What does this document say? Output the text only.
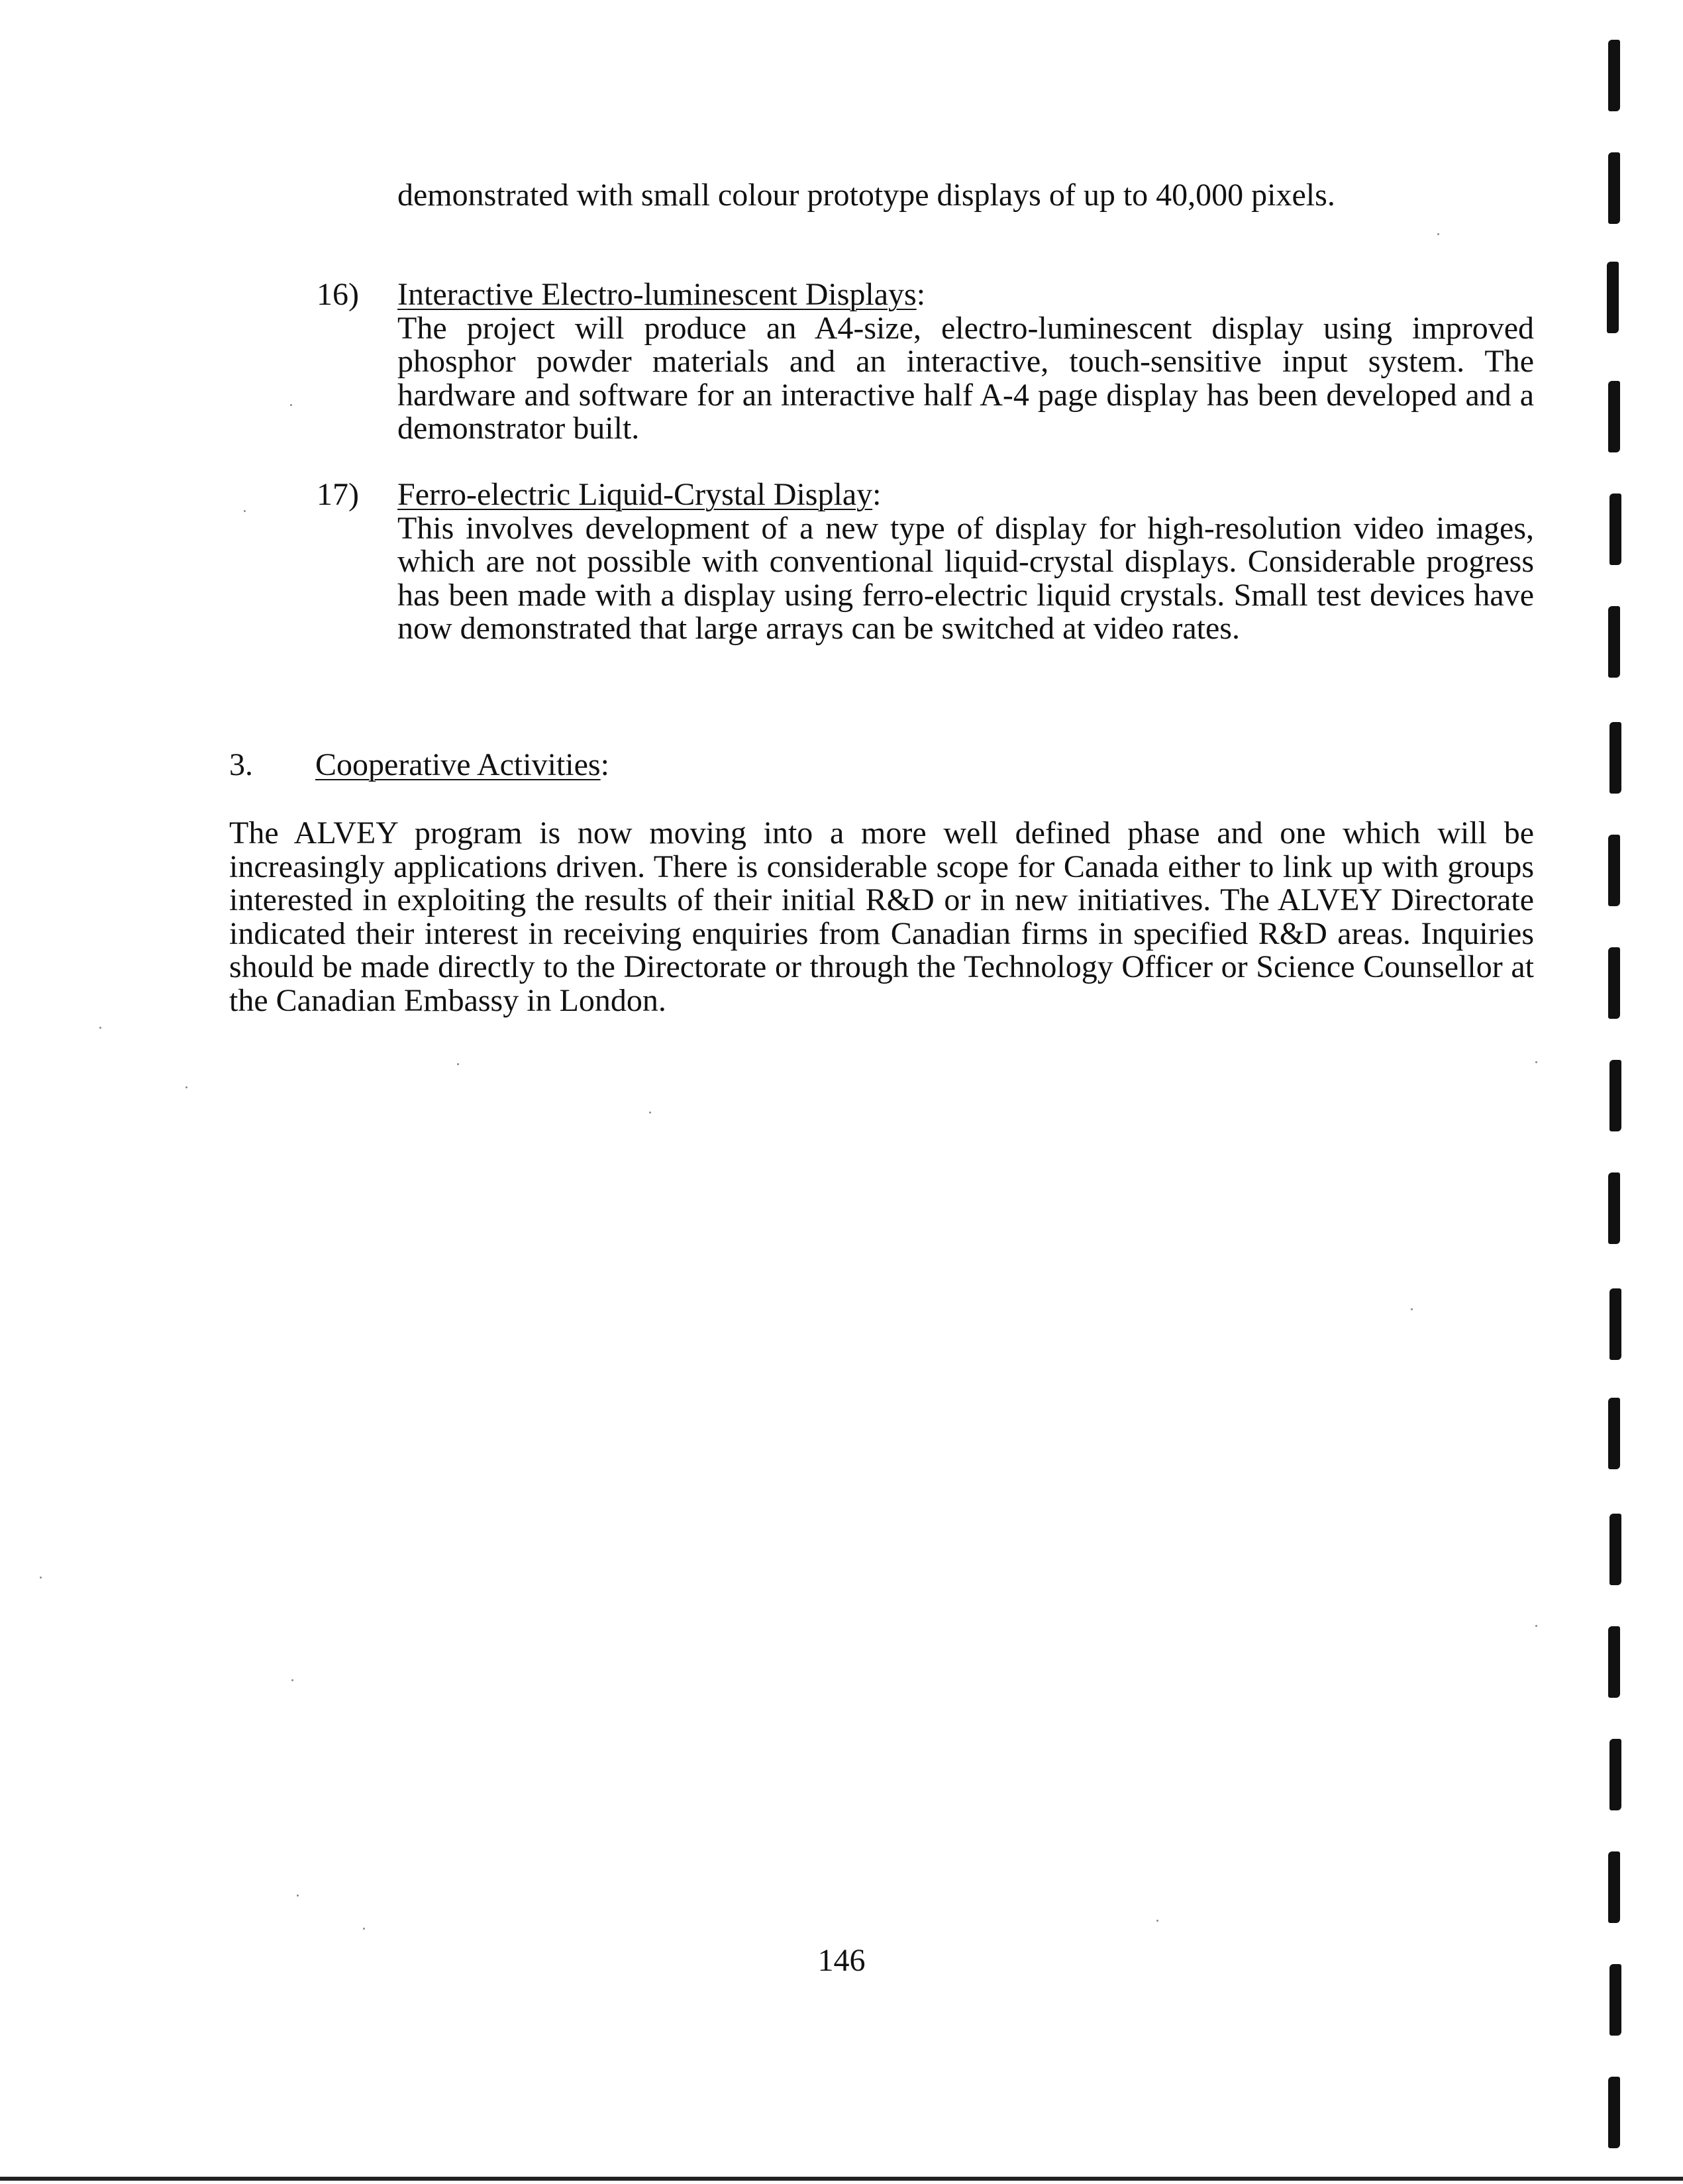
demonstrated with small colour prototype displays of up to 40,000 pixels.

16) Interactive Electro-luminescent Displays:
The project will produce an A4-size, electro-luminescent display using improved phosphor powder materials and an interactive, touch-sensitive input system. The hardware and software for an interactive half A-4 page display has been developed and a demonstrator built.
17) Ferro-electric Liquid-Crystal Display:
This involves development of a new type of display for high-resolution video images, which are not possible with conventional liquid-crystal displays. Considerable progress has been made with a display using ferro-electric liquid crystals. Small test devices have now demonstrated that large arrays can be switched at video rates.
3. Cooperative Activities:

The ALVEY program is now moving into a more well defined phase and one which will be increasingly applications driven. There is considerable scope for Canada either to link up with groups interested in exploiting the results of their initial R&D or in new initiatives. The ALVEY Directorate indicated their interest in receiving enquiries from Canadian firms in specified R&D areas. Inquiries should be made directly to the Directorate or through the Technology Officer or Science Counsellor at the Canadian Embassy in London.

146
